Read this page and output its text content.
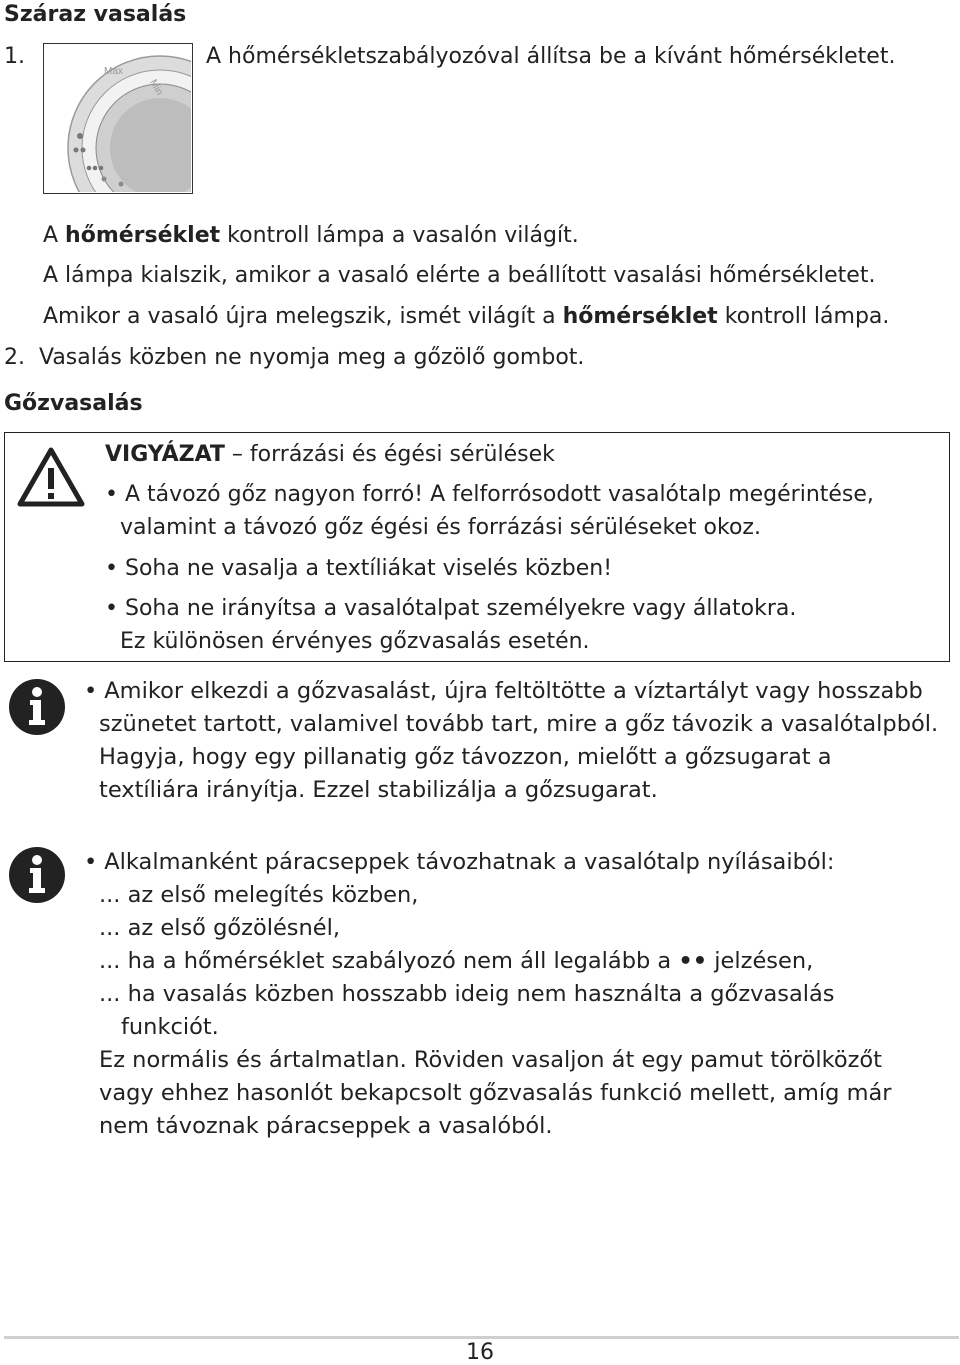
Száraz vasalás
1.	A hőmérsékletszabályozóval állítsa be a kívánt hőmérsékletet.
Max
Min
A hőmérséklet kontroll lámpa a vasalón világít.
A lámpa kialszik, amikor a vasaló elérte a beállított vasalási hőmérsékletet.
Amikor a vasaló újra melegszik, ismét világít a hőmérséklet kontroll lámpa.
2.  Vasalás közben ne nyomja meg a gőzölő gombot.
Gőzvasalás
VIGYÁZAT – forrázási és égési sérülések
• A távozó gőz nagyon forró! A felforrósodott vasalótalp megérintése,
valamint a távozó gőz égési és forrázási sérüléseket okoz.
• Soha ne vasalja a textíliákat viselés közben!
• Soha ne irányítsa a vasalótalpat személyekre vagy állatokra.
Ez különösen érvényes gőzvasalás esetén.
• Amikor elkezdi a gőzvasalást, újra feltöltötte a víztartályt vagy hosszabb
szünetet tartott, valamivel tovább tart, mire a gőz távozik a vasalótalpból.
Hagyja, hogy egy pillanatig gőz távozzon, mielőtt a gőzsugarat a
textíliára irányítja. Ezzel stabilizálja a gőzsugarat.
• Alkalmanként páracseppek távozhatnak a vasalótalp nyílásaiból:
... az első melegítés közben,
... az első gőzölésnél,
... ha a hőmérséklet szabályozó nem áll legalább a •• jelzésen,
... ha vasalás közben hosszabb ideig nem használta a gőzvasalás
funkciót.
Ez normális és ártalmatlan. Röviden vasaljon át egy pamut törölközőt
vagy ehhez hasonlót bekapcsolt gőzvasalás funkció mellett, amíg már
nem távoznak páracseppek a vasalóból.
16
